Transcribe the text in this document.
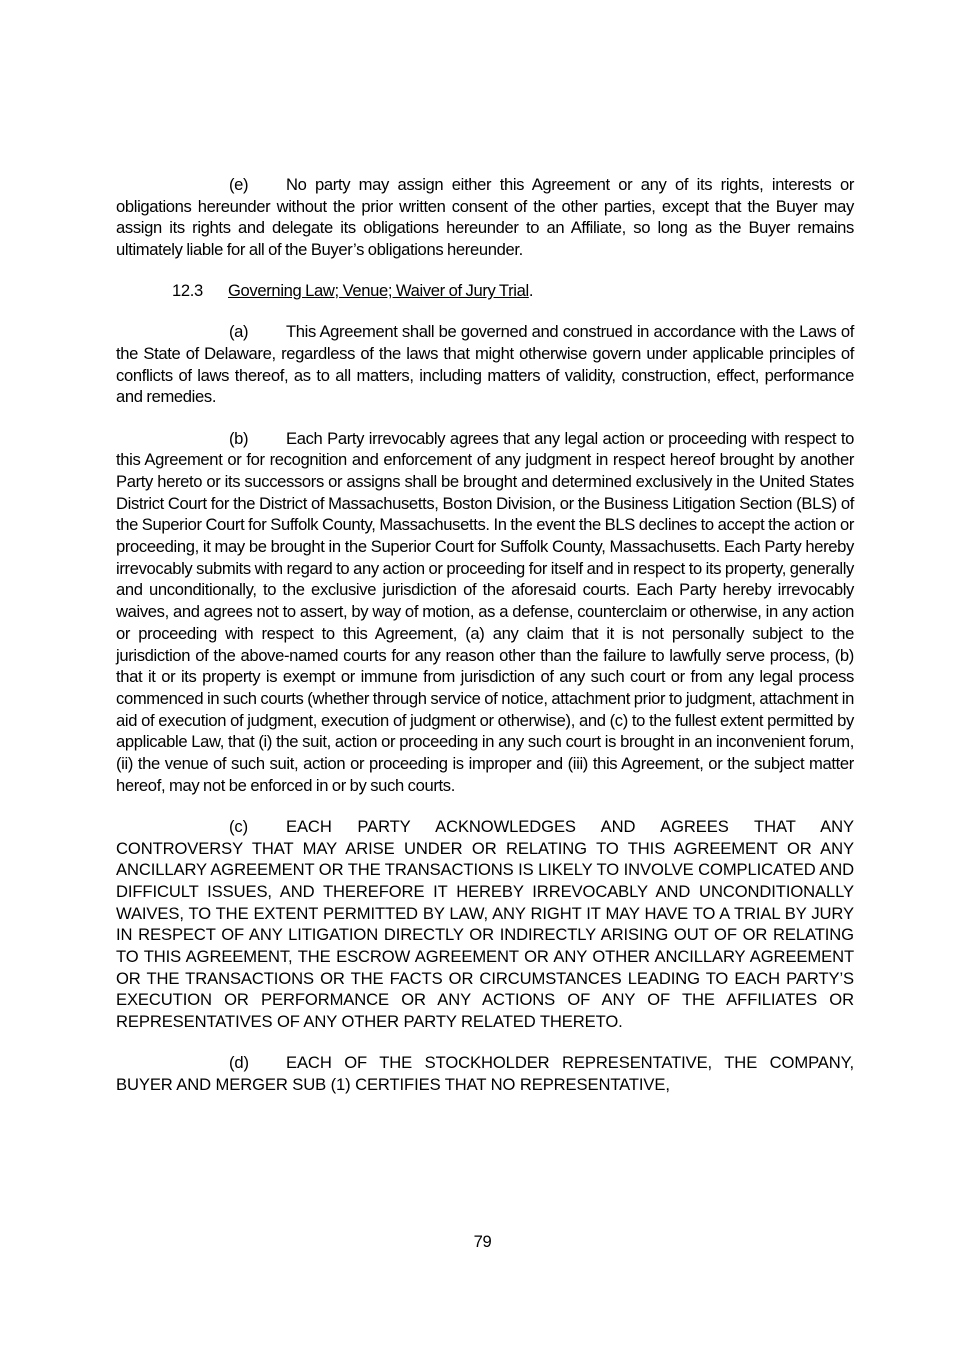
(e) No party may assign either this Agreement or any of its rights, interests or obligations hereunder without the prior written consent of the other parties, except that the Buyer may assign its rights and delegate its obligations hereunder to an Affiliate, so long as the Buyer remains ultimately liable for all of the Buyer’s obligations hereunder.

12.3 Governing Law; Venue; Waiver of Jury Trial.

(a) This Agreement shall be governed and construed in accordance with the Laws of the State of Delaware, regardless of the laws that might otherwise govern under applicable principles of conflicts of laws thereof, as to all matters, including matters of validity, construction, effect, performance and remedies.

(b) Each Party irrevocably agrees that any legal action or proceeding with respect to this Agreement or for recognition and enforcement of any judgment in respect hereof brought by another Party hereto or its successors or assigns shall be brought and determined exclusively in the United States District Court for the District of Massachusetts, Boston Division, or the Business Litigation Section (BLS) of the Superior Court for Suffolk County, Massachusetts. In the event the BLS declines to accept the action or proceeding, it may be brought in the Superior Court for Suffolk County, Massachusetts. Each Party hereby irrevocably submits with regard to any action or proceeding for itself and in respect to its property, generally and unconditionally, to the exclusive jurisdiction of the aforesaid courts. Each Party hereby irrevocably waives, and agrees not to assert, by way of motion, as a defense, counterclaim or otherwise, in any action or proceeding with respect to this Agreement, (a) any claim that it is not personally subject to the jurisdiction of the above-named courts for any reason other than the failure to lawfully serve process, (b) that it or its property is exempt or immune from jurisdiction of any such court or from any legal process commenced in such courts (whether through service of notice, attachment prior to judgment, attachment in aid of execution of judgment, execution of judgment or otherwise), and (c) to the fullest extent permitted by applicable Law, that (i) the suit, action or proceeding in any such court is brought in an inconvenient forum, (ii) the venue of such suit, action or proceeding is improper and (iii) this Agreement, or the subject matter hereof, may not be enforced in or by such courts.

(c) EACH PARTY ACKNOWLEDGES AND AGREES THAT ANY CONTROVERSY THAT MAY ARISE UNDER OR RELATING TO THIS AGREEMENT OR ANY ANCILLARY AGREEMENT OR THE TRANSACTIONS IS LIKELY TO INVOLVE COMPLICATED AND DIFFICULT ISSUES, AND THEREFORE IT HEREBY IRREVOCABLY AND UNCONDITIONALLY WAIVES, TO THE EXTENT PERMITTED BY LAW, ANY RIGHT IT MAY HAVE TO A TRIAL BY JURY IN RESPECT OF ANY LITIGATION DIRECTLY OR INDIRECTLY ARISING OUT OF OR RELATING TO THIS AGREEMENT, THE ESCROW AGREEMENT OR ANY OTHER ANCILLARY AGREEMENT OR THE TRANSACTIONS OR THE FACTS OR CIRCUMSTANCES LEADING TO EACH PARTY’S EXECUTION OR PERFORMANCE OR ANY ACTIONS OF ANY OF THE AFFILIATES OR REPRESENTATIVES OF ANY OTHER PARTY RELATED THERETO.

(d) EACH OF THE STOCKHOLDER REPRESENTATIVE, THE COMPANY, BUYER AND MERGER SUB (1) CERTIFIES THAT NO REPRESENTATIVE,

79
